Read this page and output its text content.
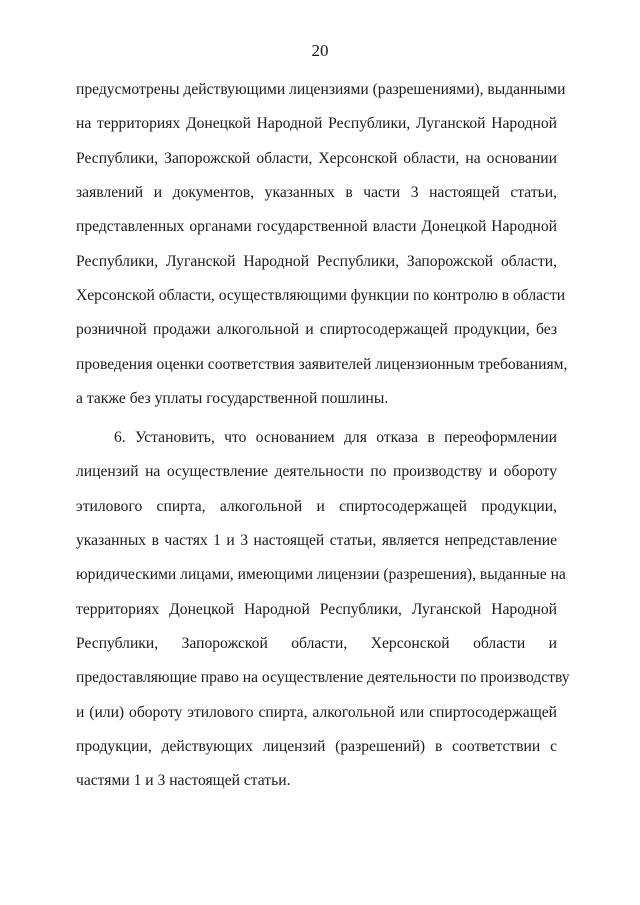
20
предусмотрены действующими лицензиями (разрешениями), выданными
на территориях Донецкой Народной Республики, Луганской Народной
Республики, Запорожской области, Херсонской области, на основании
заявлений и документов, указанных в части 3 настоящей статьи,
представленных органами государственной власти Донецкой Народной
Республики, Луганской Народной Республики, Запорожской области,
Херсонской области, осуществляющими функции по контролю в области
розничной продажи алкогольной и спиртосодержащей продукции, без
проведения оценки соответствия заявителей лицензионным требованиям,
а также без уплаты государственной пошлины.
6. Установить, что основанием для отказа в переоформлении
лицензий на осуществление деятельности по производству и обороту
этилового спирта, алкогольной и спиртосодержащей продукции,
указанных в частях 1 и 3 настоящей статьи, является непредставление
юридическими лицами, имеющими лицензии (разрешения), выданные на
территориях Донецкой Народной Республики, Луганской Народной
Республики, Запорожской области, Херсонской области и
предоставляющие право на осуществление деятельности по производству
и (или) обороту этилового спирта, алкогольной или спиртосодержащей
продукции, действующих лицензий (разрешений) в соответствии с
частями 1 и 3 настоящей статьи.
